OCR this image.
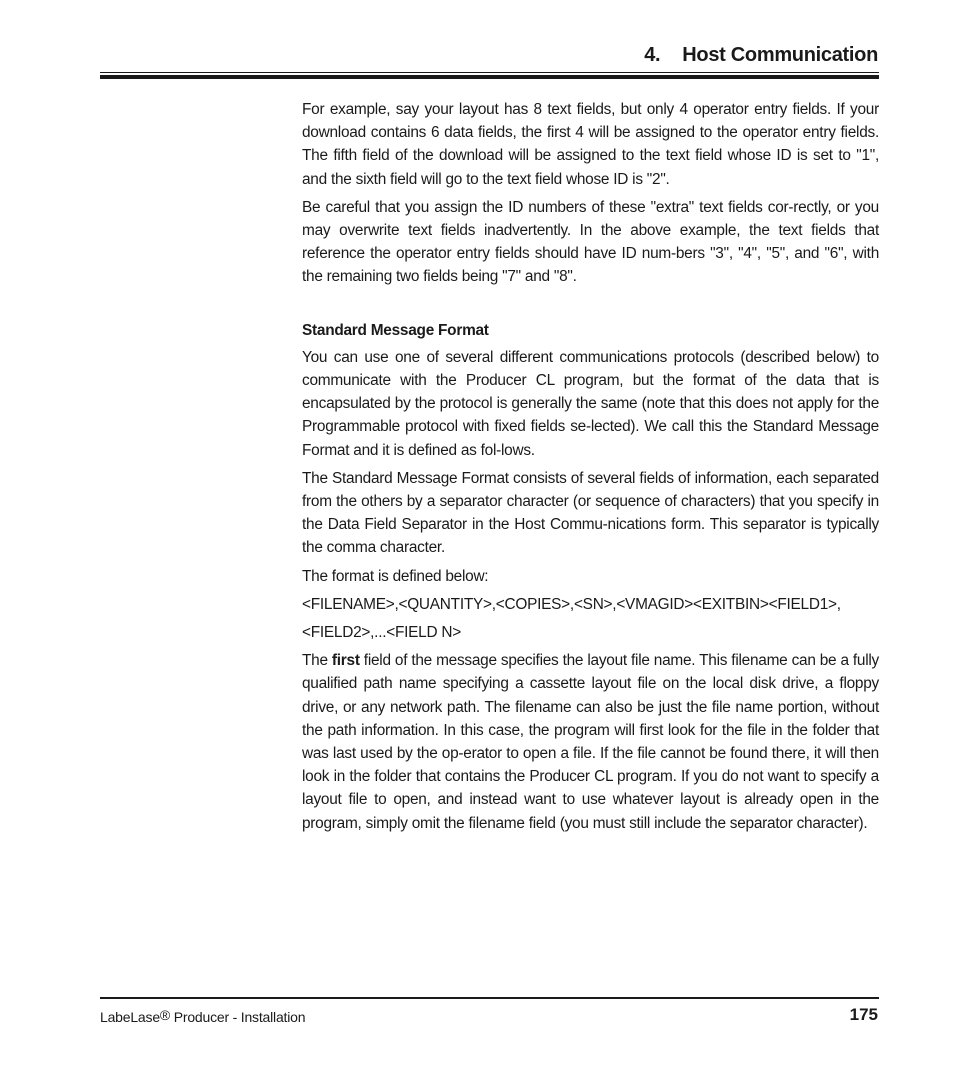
4. Host Communication

For example, say your layout has 8 text fields, but only 4 operator entry fields. If your download contains 6 data fields, the first 4 will be assigned to the operator entry fields. The fifth field of the download will be assigned to the text field whose ID is set to "1", and the sixth field will go to the text field whose ID is "2".

Be careful that you assign the ID numbers of these "extra" text fields cor-rectly, or you may overwrite text fields inadvertently. In the above example, the text fields that reference the operator entry fields should have ID num-bers "3", "4", "5", and "6", with the remaining two fields being "7" and "8".

Standard Message Format

You can use one of several different communications protocols (described below) to communicate with the Producer CL program, but the format of the data that is encapsulated by the protocol is generally the same (note that this does not apply for the Programmable protocol with fixed fields se-lected). We call this the Standard Message Format and it is defined as fol-lows.

The Standard Message Format consists of several fields of information, each separated from the others by a separator character (or sequence of characters) that you specify in the Data Field Separator in the Host Commu-nications form. This separator is typically the comma character.

The format is defined below:

<FILENAME>,<QUANTITY>,<COPIES>,<SN>,<VMAGID><EXITBIN><FIELD1>,

<FIELD2>,...<FIELD N>

The first field of the message specifies the layout file name. This filename can be a fully qualified path name specifying a cassette layout file on the local disk drive, a floppy drive, or any network path. The filename can also be just the file name portion, without the path information. In this case, the program will first look for the file in the folder that was last used by the op-erator to open a file. If the file cannot be found there, it will then look in the folder that contains the Producer CL program. If you do not want to specify a layout file to open, and instead want to use whatever layout is already open in the program, simply omit the filename field (you must still include the separator character).

LabeLase® Producer - Installation	175
